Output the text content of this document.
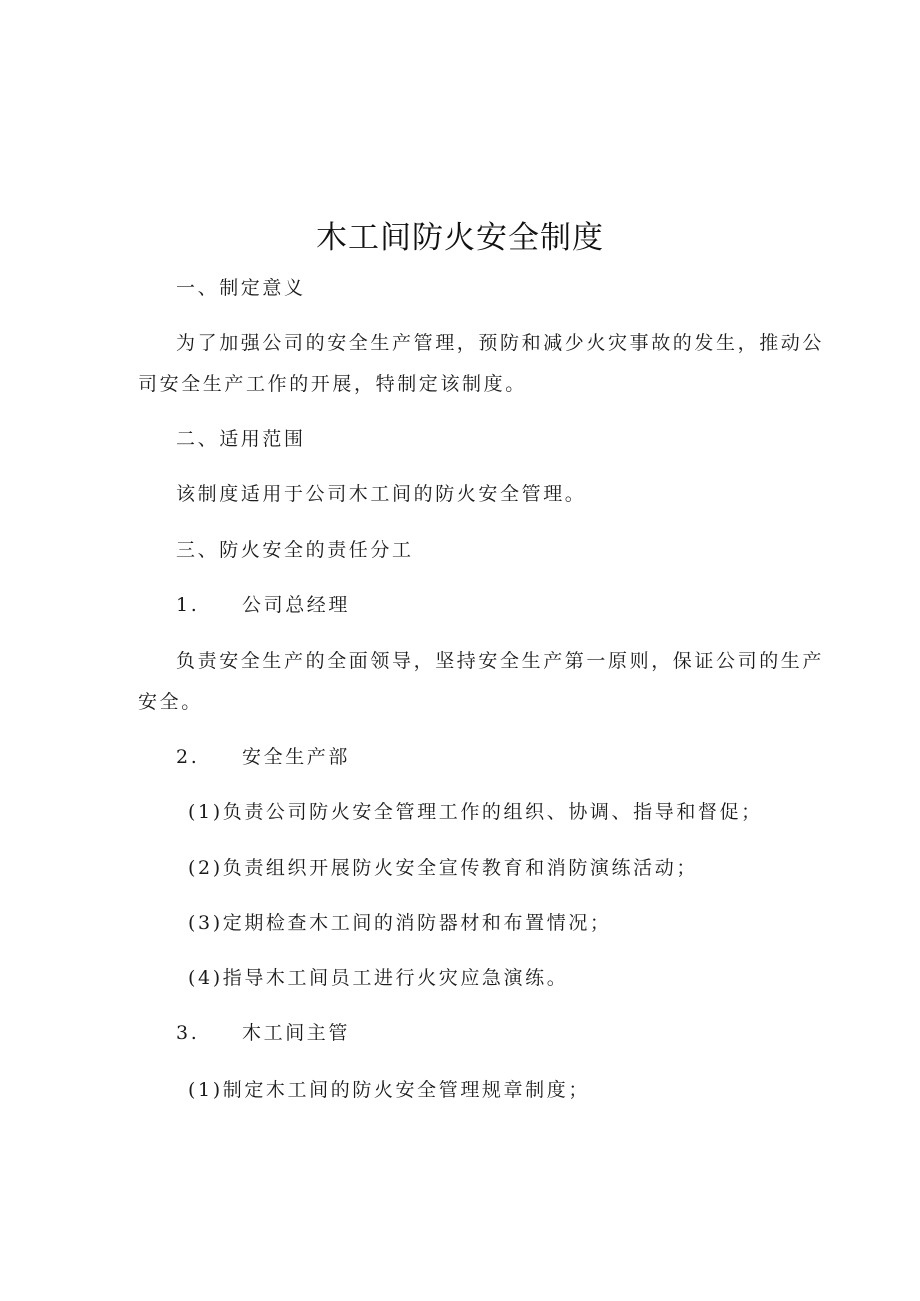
木工间防火安全制度

一、制定意义

为了加强公司的安全生产管理，预防和减少火灾事故的发生，推动公

司安全生产工作的开展，特制定该制度。

二、适用范围

该制度适用于公司木工间的防火安全管理。

三、防火安全的责任分工

1. 公司总经理

负责安全生产的全面领导，坚持安全生产第一原则，保证公司的生产

安全。

2. 安全生产部

(1)负责公司防火安全管理工作的组织、协调、指导和督促；

(2)负责组织开展防火安全宣传教育和消防演练活动；

(3)定期检查木工间的消防器材和布置情况；

(4)指导木工间员工进行火灾应急演练。

3. 木工间主管

(1)制定木工间的防火安全管理规章制度；
